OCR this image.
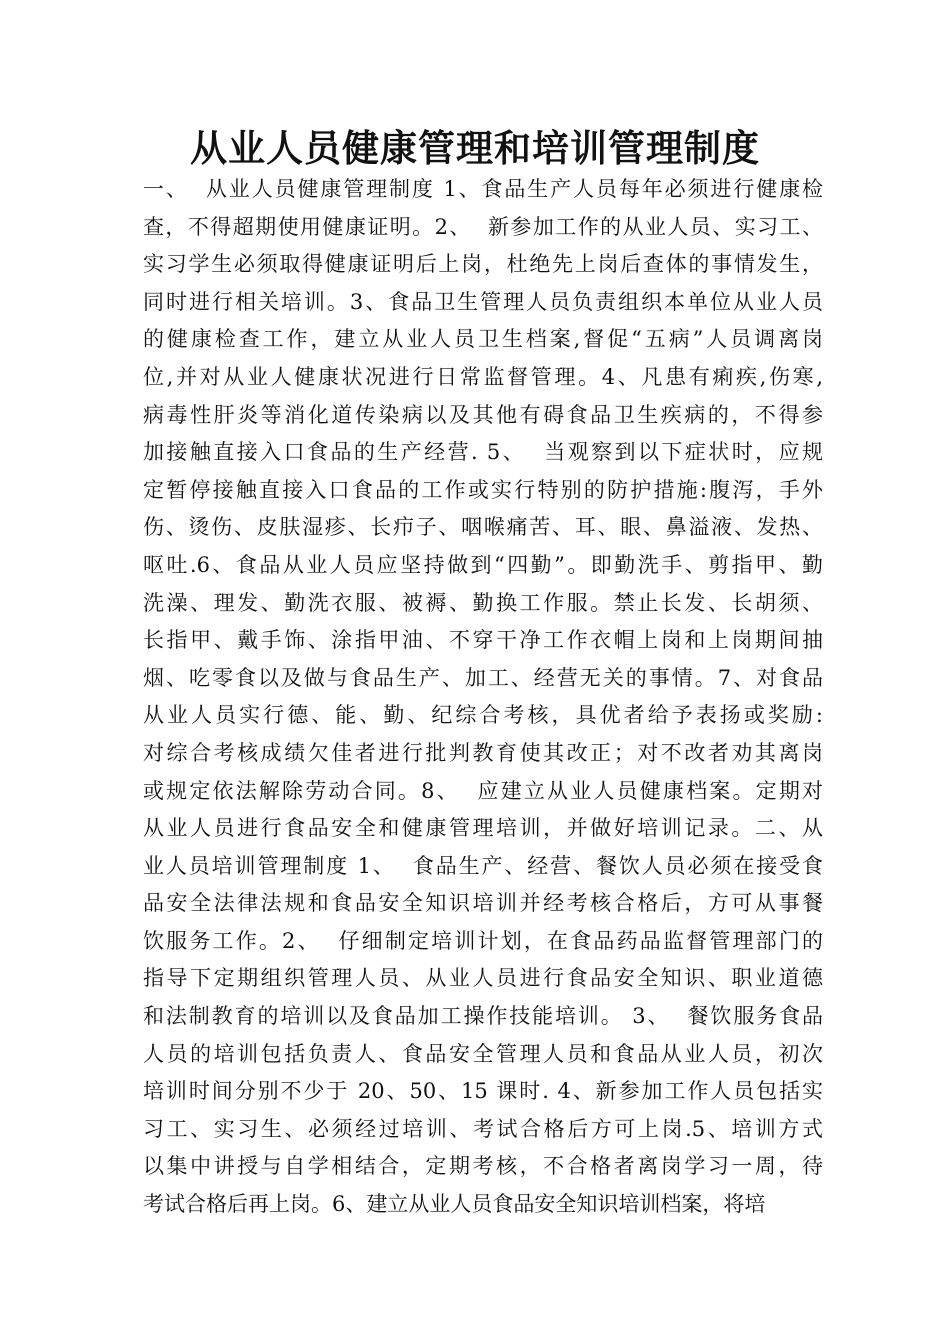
从业人员健康管理和培训管理制度
一、  从业人员健康管理制度 1、食品生产人员每年必须进行健康检
查，不得超期使用健康证明。2、  新参加工作的从业人员、实习工、
实习学生必须取得健康证明后上岗，杜绝先上岗后查体的事情发生，
同时进行相关培训。3、食品卫生管理人员负责组织本单位从业人员
的健康检查工作，建立从业人员卫生档案,督促“五病”人员调离岗
位,并对从业人健康状况进行日常监督管理。4、凡患有痢疾,伤寒,
病毒性肝炎等消化道传染病以及其他有碍食品卫生疾病的，不得参
加接触直接入口食品的生产经营. 5、  当观察到以下症状时，应规
定暂停接触直接入口食品的工作或实行特别的防护措施:腹泻，手外
伤、烫伤、皮肤湿疹、长疖子、咽喉痛苦、耳、眼、鼻溢液、发热、
呕吐.6、食品从业人员应坚持做到“四勤”。即勤洗手、剪指甲、勤
洗澡、理发、勤洗衣服、被褥、勤换工作服。禁止长发、长胡须、
长指甲、戴手饰、涂指甲油、不穿干净工作衣帽上岗和上岗期间抽
烟、吃零食以及做与食品生产、加工、经营无关的事情。7、对食品
从业人员实行德、能、勤、纪综合考核，具优者给予表扬或奖励:
对综合考核成绩欠佳者进行批判教育使其改正；对不改者劝其离岗
或规定依法解除劳动合同。8、  应建立从业人员健康档案。定期对
从业人员进行食品安全和健康管理培训，并做好培训记录。二、从
业人员培训管理制度 1、  食品生产、经营、餐饮人员必须在接受食
品安全法律法规和食品安全知识培训并经考核合格后，方可从事餐
饮服务工作。2、  仔细制定培训计划，在食品药品监督管理部门的
指导下定期组织管理人员、从业人员进行食品安全知识、职业道德
和法制教育的培训以及食品加工操作技能培训。 3、  餐饮服务食品
人员的培训包括负责人、食品安全管理人员和食品从业人员，初次
培训时间分别不少于 20、50、15 课时. 4、新参加工作人员包括实
习工、实习生、必须经过培训、考试合格后方可上岗.5、培训方式
以集中讲授与自学相结合，定期考核，不合格者离岗学习一周，待
考试合格后再上岗。6、建立从业人员食品安全知识培训档案，将培
